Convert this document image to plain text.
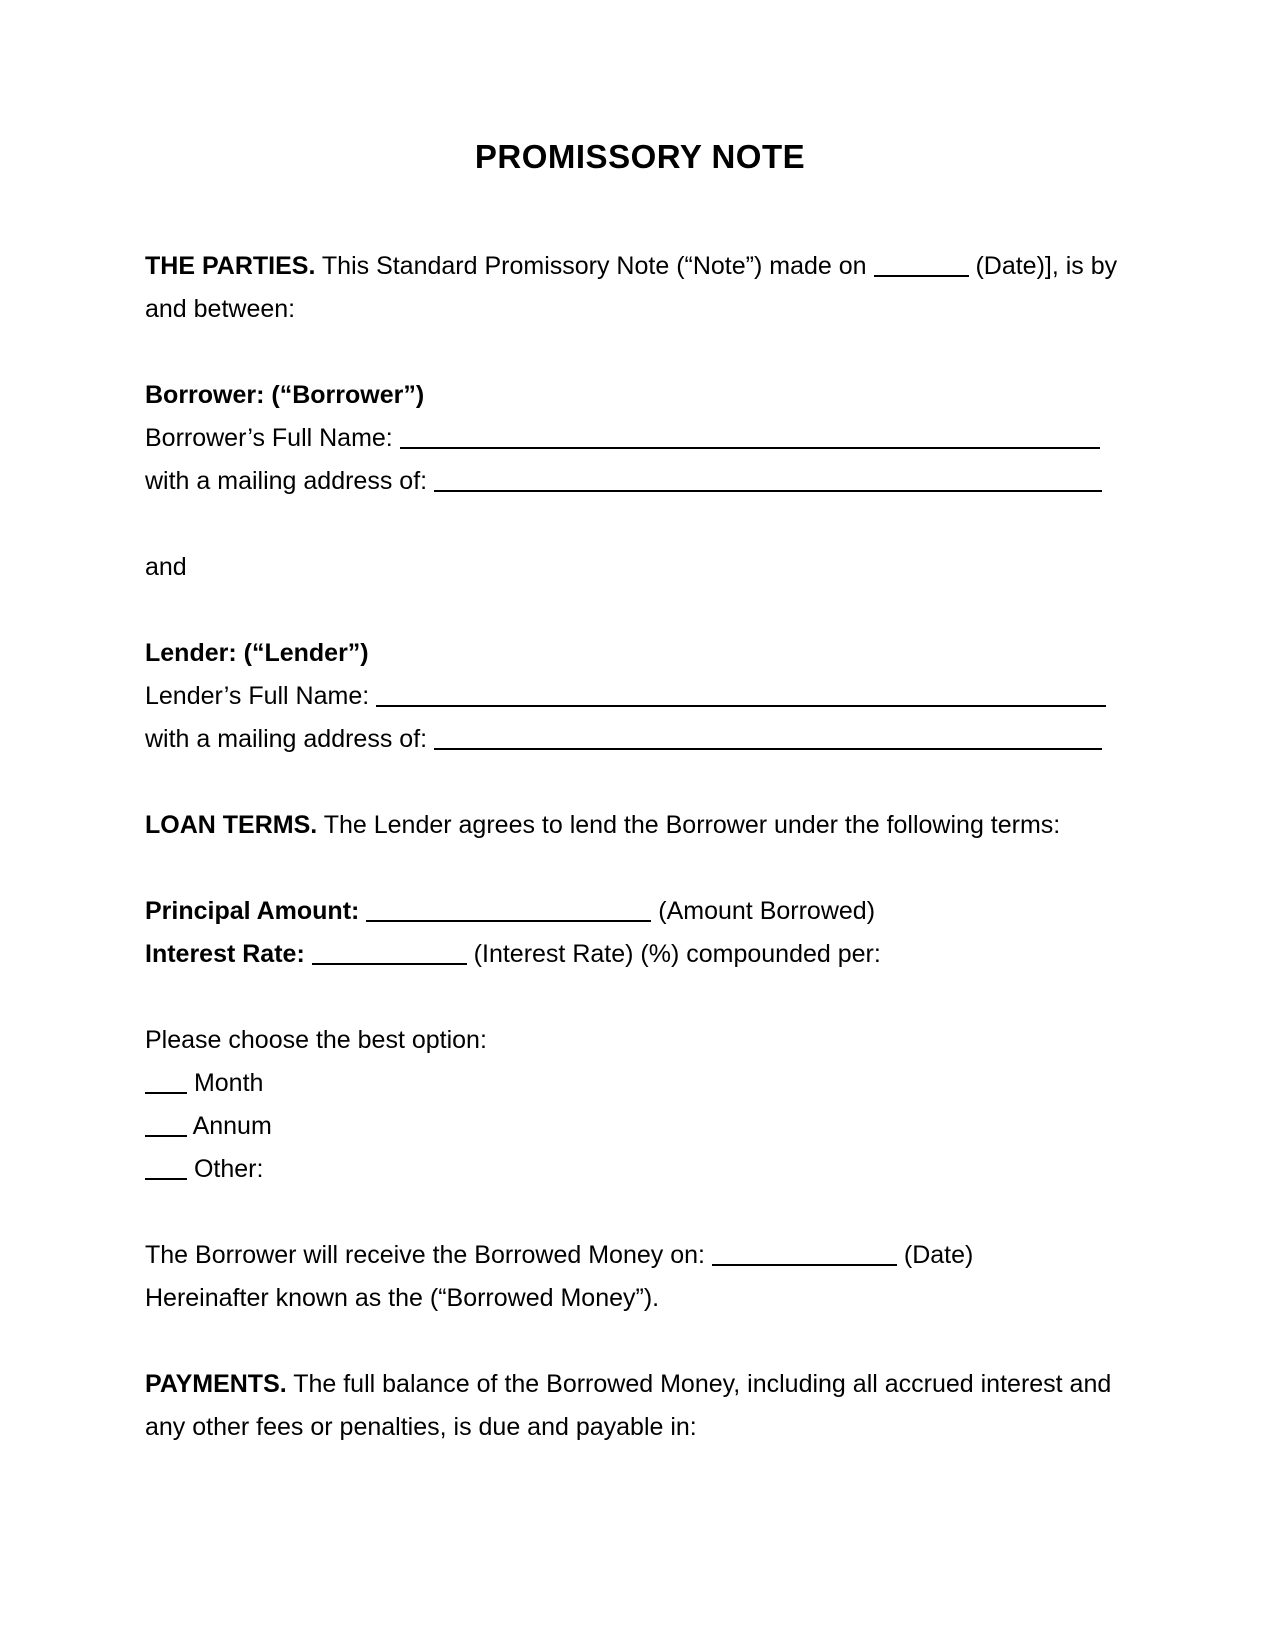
PROMISSORY NOTE
THE PARTIES. This Standard Promissory Note (“Note”) made on	(Date)], is by
and between:
Borrower: (“Borrower”)
Borrower’s Full Name:
with a mailing address of:
and
Lender: (“Lender”)
Lender’s Full Name:
with a mailing address of:
LOAN TERMS. The Lender agrees to lend the Borrower under the following terms:
Principal Amount:	(Amount Borrowed)
Interest Rate:	(Interest Rate) (%) compounded per:
Please choose the best option:
Month
Annum
Other:
The Borrower will receive the Borrowed Money on:	(Date)
Hereinafter known as the (“Borrowed Money”).
PAYMENTS. The full balance of the Borrowed Money, including all accrued interest and
any other fees or penalties, is due and payable in:
